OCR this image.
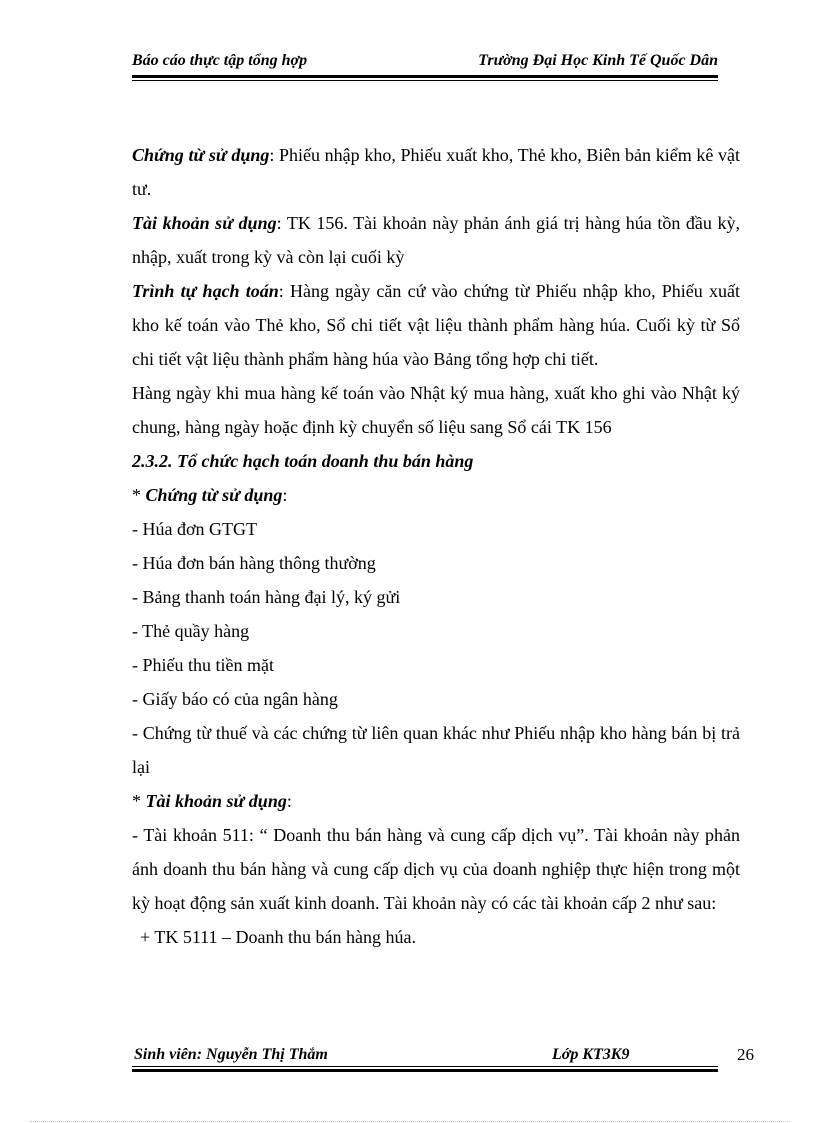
Báo cáo thực tập tổng hợp	Trường Đại Học Kinh Tế Quốc Dân

Chứng từ sử dụng: Phiếu nhập kho, Phiếu xuất kho, Thẻ kho, Biên bản kiểm kê vật tư.

Tài khoản sử dụng: TK 156. Tài khoản này phản ánh giá trị hàng húa tồn đầu kỳ, nhập, xuất trong kỳ và còn lại cuối kỳ

Trình tự hạch toán: Hàng ngày căn cứ vào chứng từ Phiếu nhập kho, Phiếu xuất kho kế toán vào Thẻ kho, Sổ chi tiết vật liệu thành phẩm hàng húa. Cuối kỳ từ Sổ chi tiết vật liệu thành phẩm hàng húa vào Bảng tổng hợp chi tiết.

Hàng ngày khi mua hàng kế toán vào Nhật ký mua hàng, xuất kho ghi vào Nhật ký chung, hàng ngày hoặc định kỳ chuyển số liệu sang Sổ cái TK 156

2.3.2. Tổ chức hạch toán doanh thu bán hàng

* Chứng từ sử dụng:

- Húa đơn GTGT

- Húa đơn bán hàng thông thường

- Bảng thanh toán hàng đại lý, ký gửi

- Thẻ quầy hàng

- Phiếu thu tiền mặt

- Giấy báo có của ngân hàng

- Chứng từ thuế và các chứng từ liên quan khác như Phiếu nhập kho hàng bán bị trả lại

* Tài khoản sử dụng:

- Tài khoản 511: “ Doanh thu bán hàng và cung cấp dịch vụ”. Tài khoản này phản ánh doanh thu bán hàng và cung cấp dịch vụ của doanh nghiệp thực hiện trong một kỳ hoạt động sản xuất kinh doanh. Tài khoản này có các tài khoản cấp 2 như sau:

+ TK 5111 – Doanh thu bán hàng húa.

Sinh viên: Nguyễn Thị Thắm	Lớp KT3K9	26
